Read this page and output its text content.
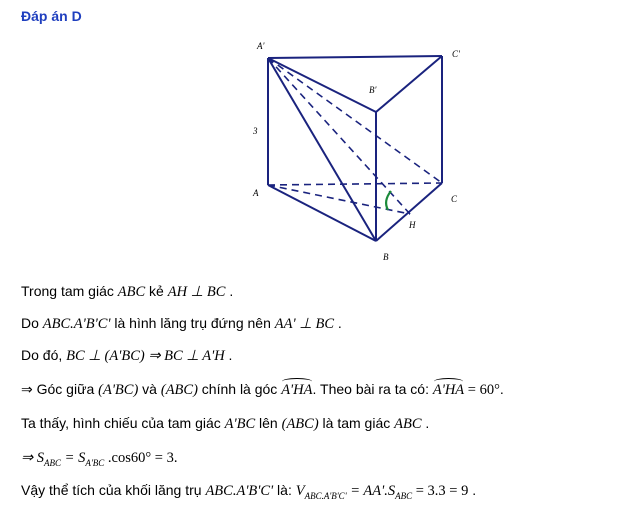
Đáp án D
A'
C'
B'
3
A
C
H
B
Trong tam giác ABC kẻ AH ⊥ BC .
Do ABC.A'B'C' là hình lăng trụ đứng nên AA' ⊥ BC .
Do đó, BC ⊥ (A'BC) ⇒ BC ⊥ A'H .
⇒ Góc giữa (A'BC) và (ABC) chính là góc A'HA. Theo bài ra ta có: A'HA = 60°.
Ta thấy, hình chiếu của tam giác A'BC lên (ABC) là tam giác ABC .
⇒ $S_{ABC} = S_{A'BC}$ .cos60° = 3.
Vậy thể tích của khối lăng trụ ABC.A'B'C' là: $V_{ABC.A'B'C'} = AA'.S_{ABC} = 3.3 = 9$ .
